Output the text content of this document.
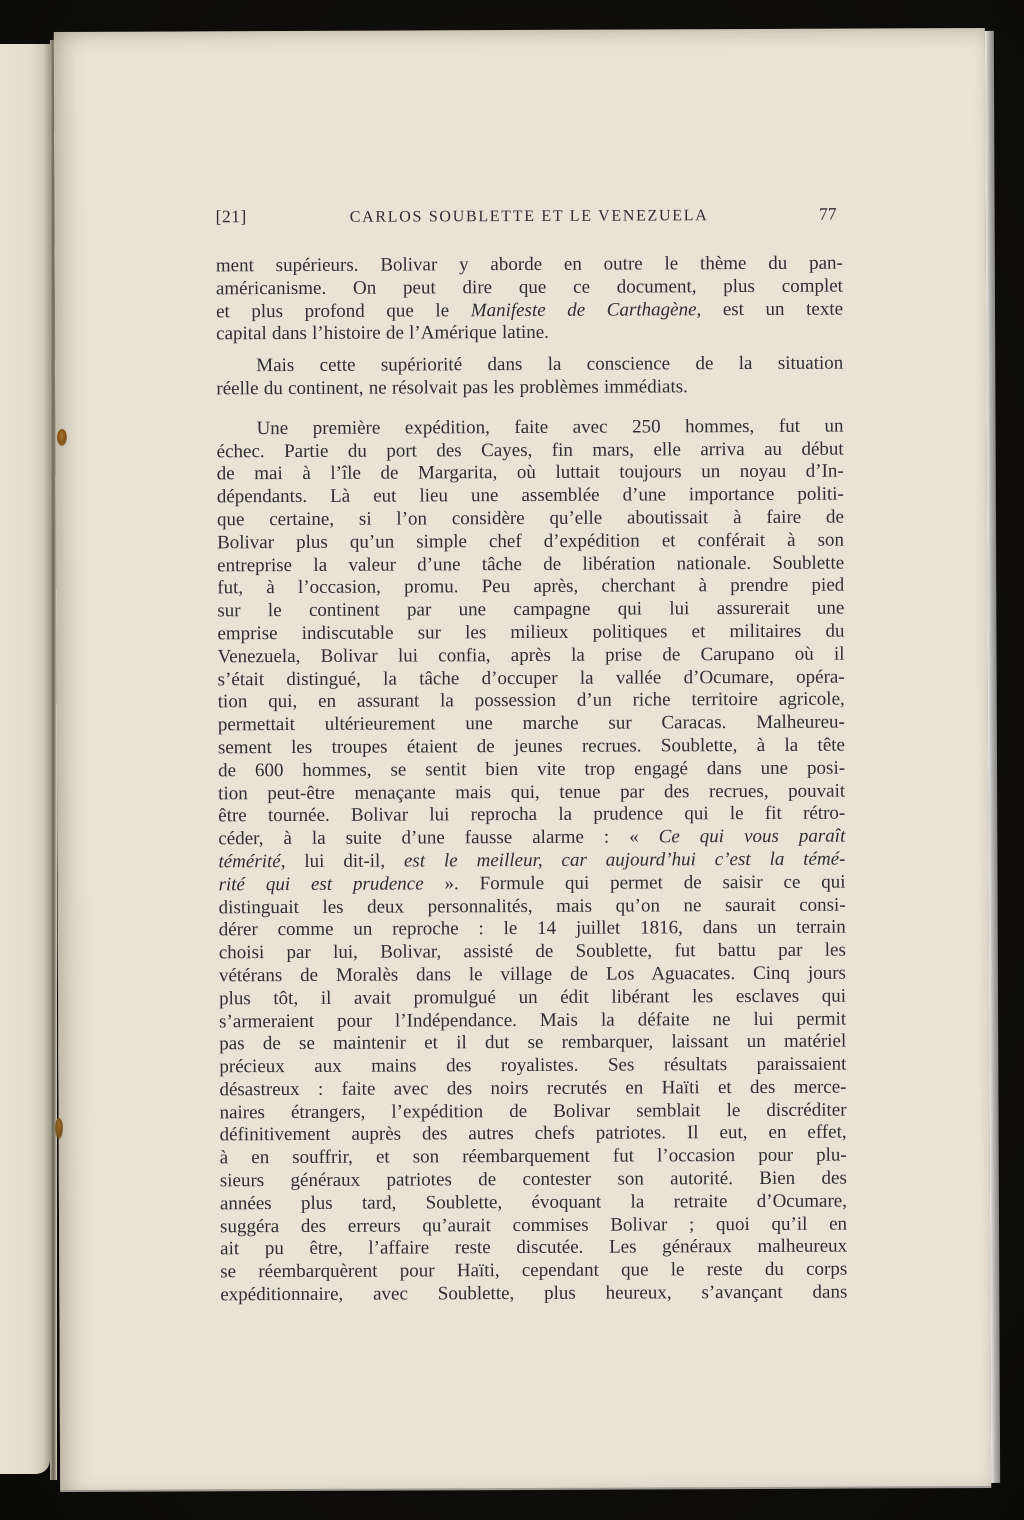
[21]	CARLOS SOUBLETTE ET LE VENEZUELA	77
ment supérieurs. Bolivar y aborde en outre le thème du pan-
américanisme. On peut dire que ce document, plus complet
et plus profond que le Manifeste de Carthagène, est un texte
capital dans l’histoire de l’Amérique latine.
Mais cette supériorité dans la conscience de la situation
réelle du continent, ne résolvait pas les problèmes immédiats.
Une première expédition, faite avec 250 hommes, fut un
échec. Partie du port des Cayes, fin mars, elle arriva au début
de mai à l’île de Margarita, où luttait toujours un noyau d’In-
dépendants. Là eut lieu une assemblée d’une importance politi-
que certaine, si l’on considère qu’elle aboutissait à faire de
Bolivar plus qu’un simple chef d’expédition et conférait à son
entreprise la valeur d’une tâche de libération nationale. Soublette
fut, à l’occasion, promu. Peu après, cherchant à prendre pied
sur le continent par une campagne qui lui assurerait une
emprise indiscutable sur les milieux politiques et militaires du
Venezuela, Bolivar lui confia, après la prise de Carupano où il
s’était distingué, la tâche d’occuper la vallée d’Ocumare, opéra-
tion qui, en assurant la possession d’un riche territoire agricole,
permettait ultérieurement une marche sur Caracas. Malheureu-
sement les troupes étaient de jeunes recrues. Soublette, à la tête
de 600 hommes, se sentit bien vite trop engagé dans une posi-
tion peut-être menaçante mais qui, tenue par des recrues, pouvait
être tournée. Bolivar lui reprocha la prudence qui le fit rétro-
céder, à la suite d’une fausse alarme : « Ce qui vous paraît
témérité, lui dit-il, est le meilleur, car aujourd’hui c’est la témé-
rité qui est prudence ». Formule qui permet de saisir ce qui
distinguait les deux personnalités, mais qu’on ne saurait consi-
dérer comme un reproche : le 14 juillet 1816, dans un terrain
choisi par lui, Bolivar, assisté de Soublette, fut battu par les
vétérans de Moralès dans le village de Los Aguacates. Cinq jours
plus tôt, il avait promulgué un édit libérant les esclaves qui
s’armeraient pour l’Indépendance. Mais la défaite ne lui permit
pas de se maintenir et il dut se rembarquer, laissant un matériel
précieux aux mains des royalistes. Ses résultats paraissaient
désastreux : faite avec des noirs recrutés en Haïti et des merce-
naires étrangers, l’expédition de Bolivar semblait le discréditer
définitivement auprès des autres chefs patriotes. Il eut, en effet,
à en souffrir, et son réembarquement fut l’occasion pour plu-
sieurs généraux patriotes de contester son autorité. Bien des
années plus tard, Soublette, évoquant la retraite d’Ocumare,
suggéra des erreurs qu’aurait commises Bolivar ; quoi qu’il en
ait pu être, l’affaire reste discutée. Les généraux malheureux
se réembarquèrent pour Haïti, cependant que le reste du corps
expéditionnaire, avec Soublette, plus heureux, s’avançant dans
